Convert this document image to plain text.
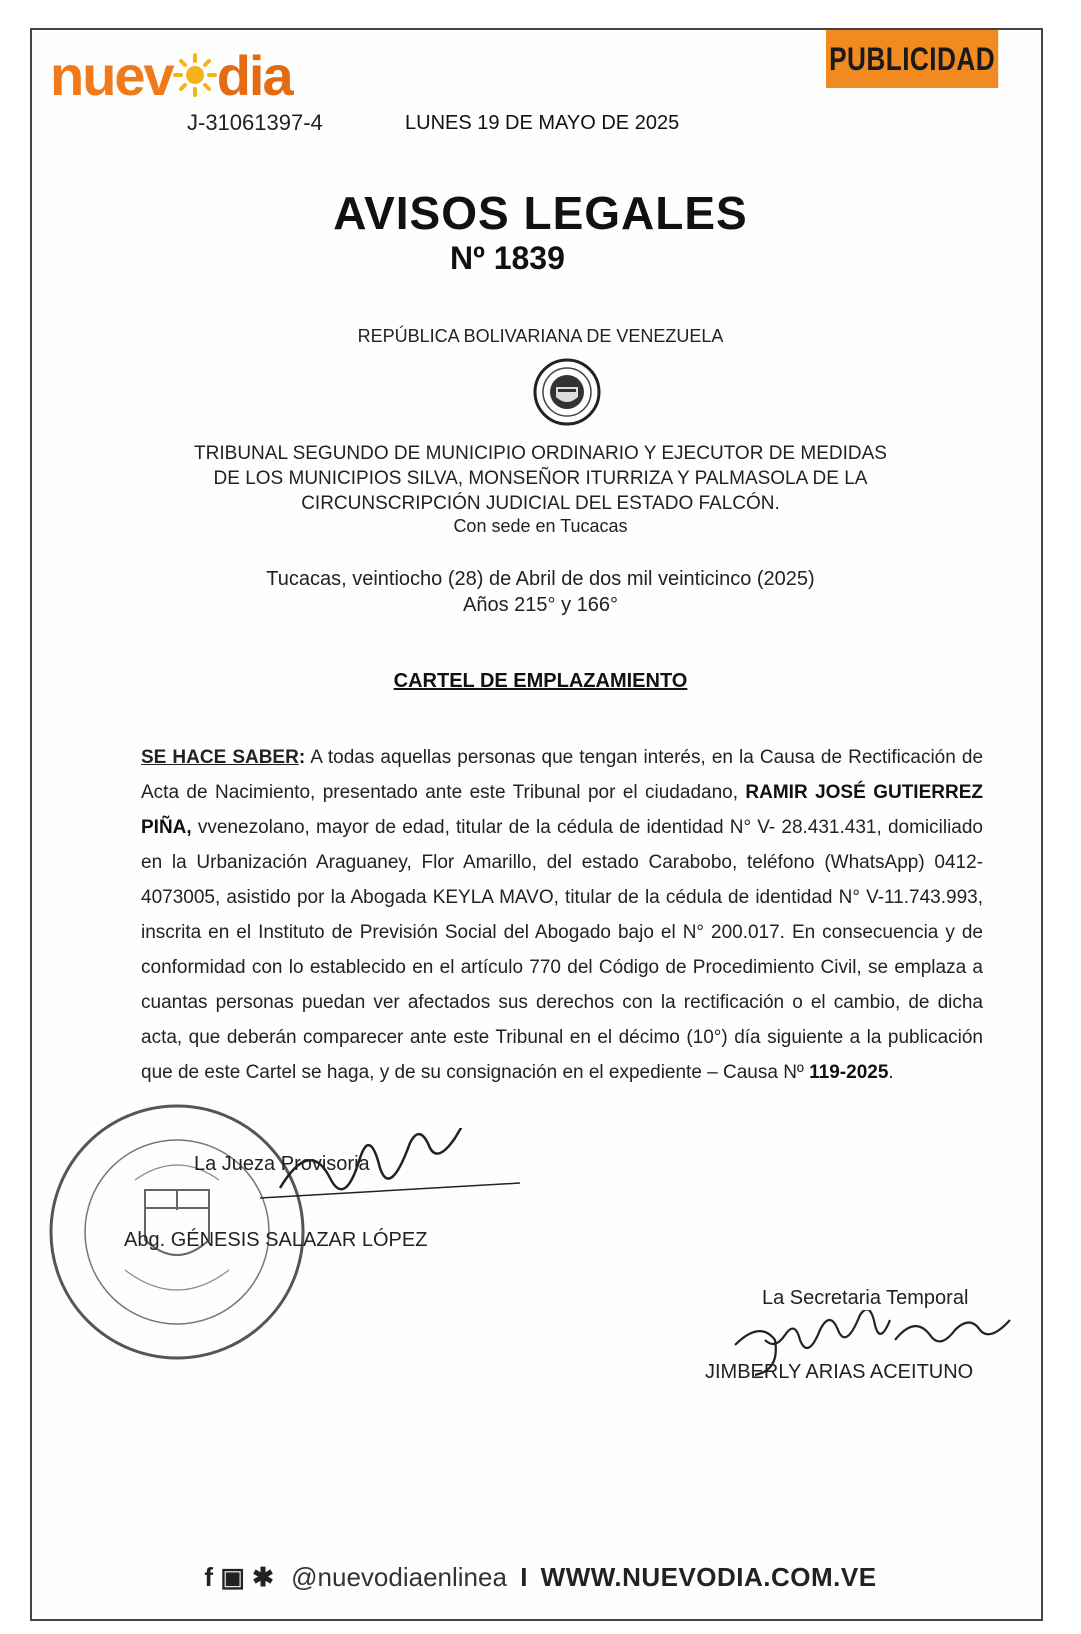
nuev dia
J-31061397-4	LUNES 19 DE MAYO DE 2025
PUBLICIDAD
AVISOS LEGALES
Nº 1839
REPÚBLICA BOLIVARIANA DE VENEZUELA
TRIBUNAL SEGUNDO DE MUNICIPIO ORDINARIO Y EJECUTOR DE MEDIDAS
DE LOS MUNICIPIOS SILVA, MONSEÑOR ITURRIZA Y PALMASOLA DE LA
CIRCUNSCRIPCIÓN JUDICIAL DEL ESTADO FALCÓN.
Con sede en Tucacas
Tucacas, veintiocho (28) de Abril de dos mil veinticinco (2025)
Años 215° y 166°
CARTEL DE EMPLAZAMIENTO
SE HACE SABER: A todas aquellas personas que tengan interés, en la Causa de Rectificación de Acta de Nacimiento, presentado ante este Tribunal por el ciudadano, RAMIR JOSÉ GUTIERREZ PIÑA, vvenezolano, mayor de edad, titular de la cédula de identidad N° V- 28.431.431, domiciliado en la Urbanización Araguaney, Flor Amarillo, del estado Carabobo, teléfono (WhatsApp) 0412-4073005, asistido por la Abogada KEYLA MAVO, titular de la cédula de identidad N° V-11.743.993, inscrita en el Instituto de Previsión Social del Abogado bajo el N° 200.017. En consecuencia y de conformidad con lo establecido en el artículo 770 del Código de Procedimiento Civil, se emplaza a cuantas personas puedan ver afectados sus derechos con la rectificación o el cambio, de dicha acta, que deberán comparecer ante este Tribunal en el décimo (10°) día siguiente a la publicación que de este Cartel se haga, y de su consignación en el expediente – Causa Nº 119-2025.
La Jueza Provisoria
Abg. GÉNESIS SALAZAR LÓPEZ
La Secretaria Temporal
JIMBERLY ARIAS ACEITUNO
f ▣ ✱ @nuevodiaenlinea I WWW.NUEVODIA.COM.VE
